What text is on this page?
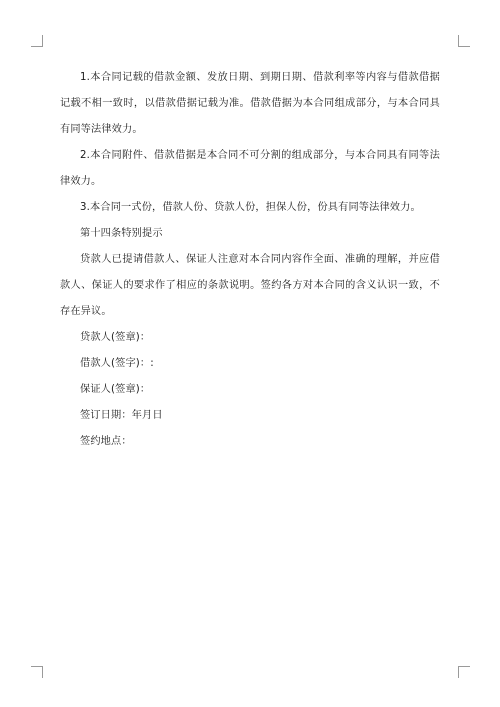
1.本合同记载的借款金额、发放日期、到期日期、借款利率等内容与借款借据记载不相一致时，以借款借据记载为准。借款借据为本合同组成部分，与本合同具有同等法律效力。

2.本合同附件、借款借据是本合同不可分割的组成部分，与本合同具有同等法律效力。

3.本合同一式份，借款人份、贷款人份，担保人份，份具有同等法律效力。

第十四条特别提示

贷款人已提请借款人、保证人注意对本合同内容作全面、准确的理解，并应借款人、保证人的要求作了相应的条款说明。签约各方对本合同的含义认识一致，不存在异议。

贷款人(签章)：

借款人(签字)：:

保证人(签章)：

签订日期：年月日

签约地点：
